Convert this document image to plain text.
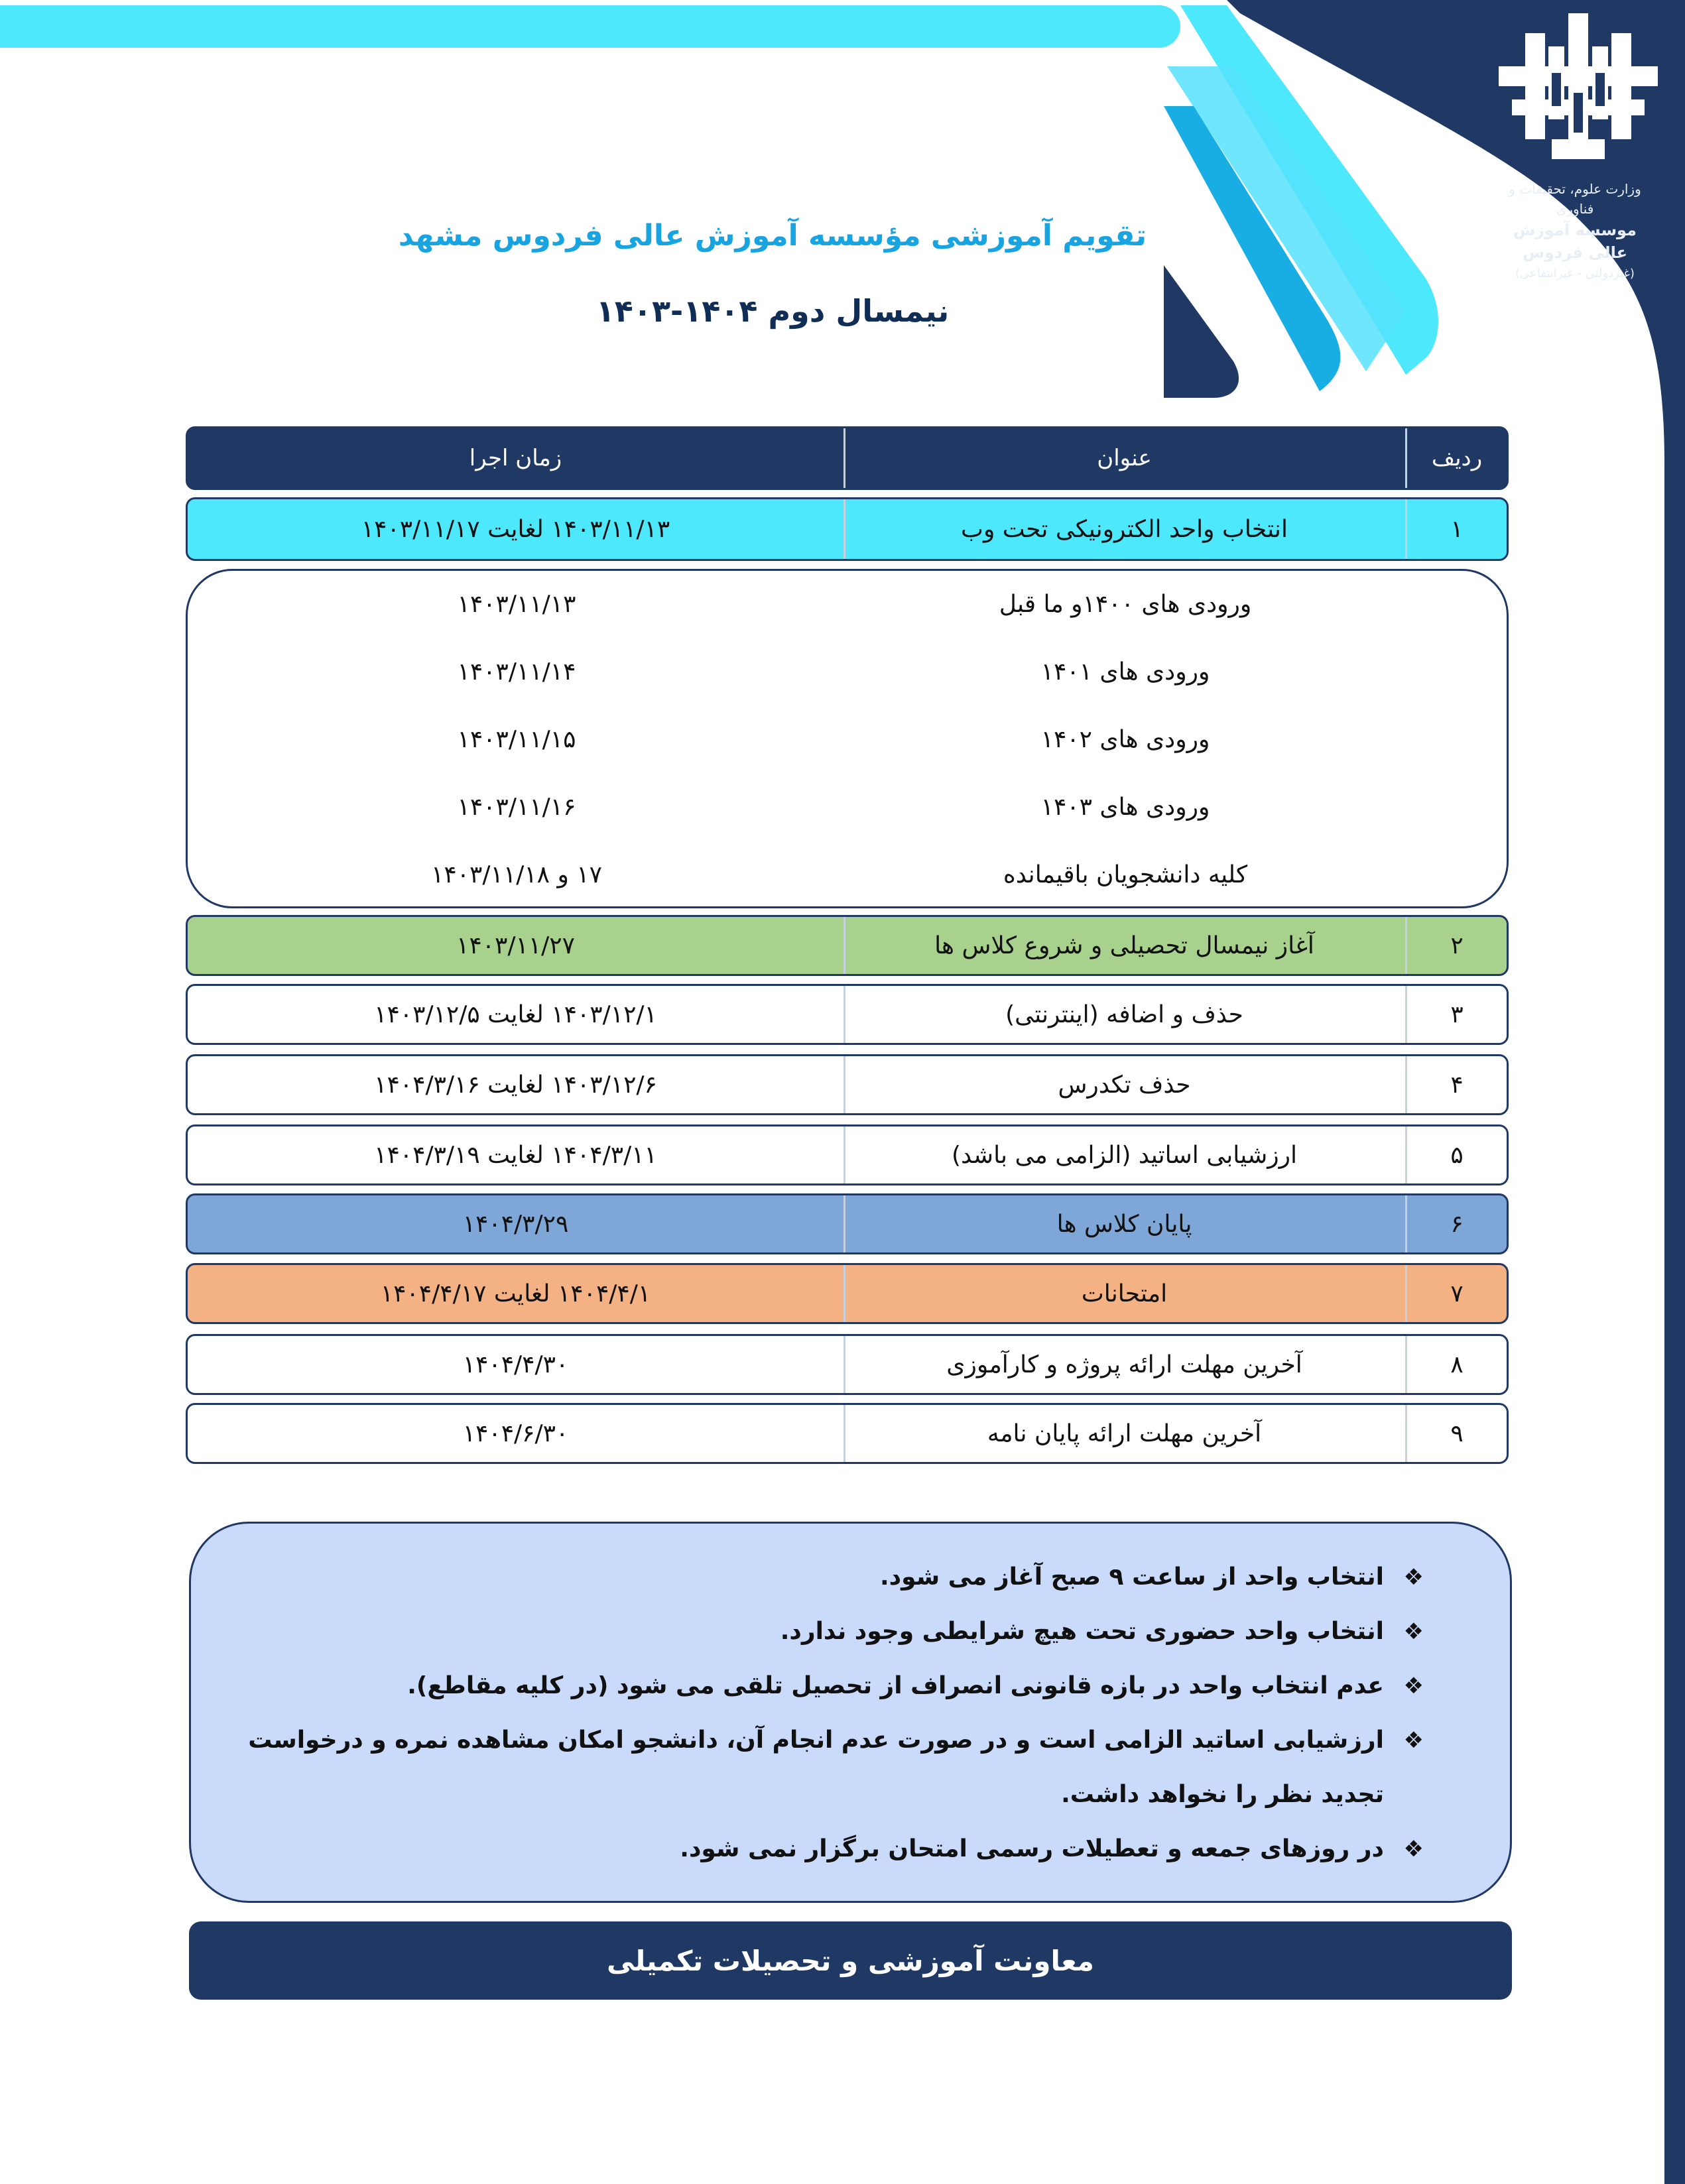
وزارت علوم، تحقیقات و فناوری
موسسه آموزش عالی فردوس
(غیردولتی - غیرانتفاعی)
تقویم آموزشی مؤسسه آموزش عالی فردوس مشهد
نیمسال دوم ۱۴۰۴-۱۴۰۳
ردیف
عنوان
زمان اجرا
۱
انتخاب واحد الکترونیکی تحت وب
۱۴۰۳/۱۱/۱۳ لغایت ۱۴۰۳/۱۱/۱۷
ورودی های ۱۴۰۰و ما قبل
۱۴۰۳/۱۱/۱۳
ورودی های ۱۴۰۱
۱۴۰۳/۱۱/۱۴
ورودی های ۱۴۰۲
۱۴۰۳/۱۱/۱۵
ورودی های ۱۴۰۳
۱۴۰۳/۱۱/۱۶
کلیه دانشجویان باقیمانده
۱۷ و ۱۴۰۳/۱۱/۱۸
۲
آغاز نیمسال تحصیلی و شروع کلاس ها
۱۴۰۳/۱۱/۲۷
۳
حذف و اضافه (اینترنتی)
۱۴۰۳/۱۲/۱ لغایت ۱۴۰۳/۱۲/۵
۴
حذف تکدرس
۱۴۰۳/۱۲/۶ لغایت ۱۴۰۴/۳/۱۶
۵
ارزشیابی اساتید (الزامی می باشد)
۱۴۰۴/۳/۱۱ لغایت ۱۴۰۴/۳/۱۹
۶
پایان کلاس ها
۱۴۰۴/۳/۲۹
۷
امتحانات
۱۴۰۴/۴/۱ لغایت ۱۴۰۴/۴/۱۷
۸
آخرین مهلت ارائه پروژه و کارآموزی
۱۴۰۴/۴/۳۰
۹
آخرین مهلت ارائه پایان نامه
۱۴۰۴/۶/۳۰
❖
انتخاب واحد از ساعت ۹ صبح آغاز می شود.
❖
انتخاب واحد حضوری تحت هیچ شرایطی وجود ندارد.
❖
عدم انتخاب واحد در بازه قانونی انصراف از تحصیل تلقی می شود (در کلیه مقاطع).
❖
ارزشیابی اساتید الزامی است و در صورت عدم انجام آن، دانشجو امکان مشاهده نمره و درخواست تجدید نظر را نخواهد داشت.
❖
در روزهای جمعه و تعطیلات رسمی امتحان برگزار نمی شود.
معاونت آموزشی و تحصیلات تکمیلی
